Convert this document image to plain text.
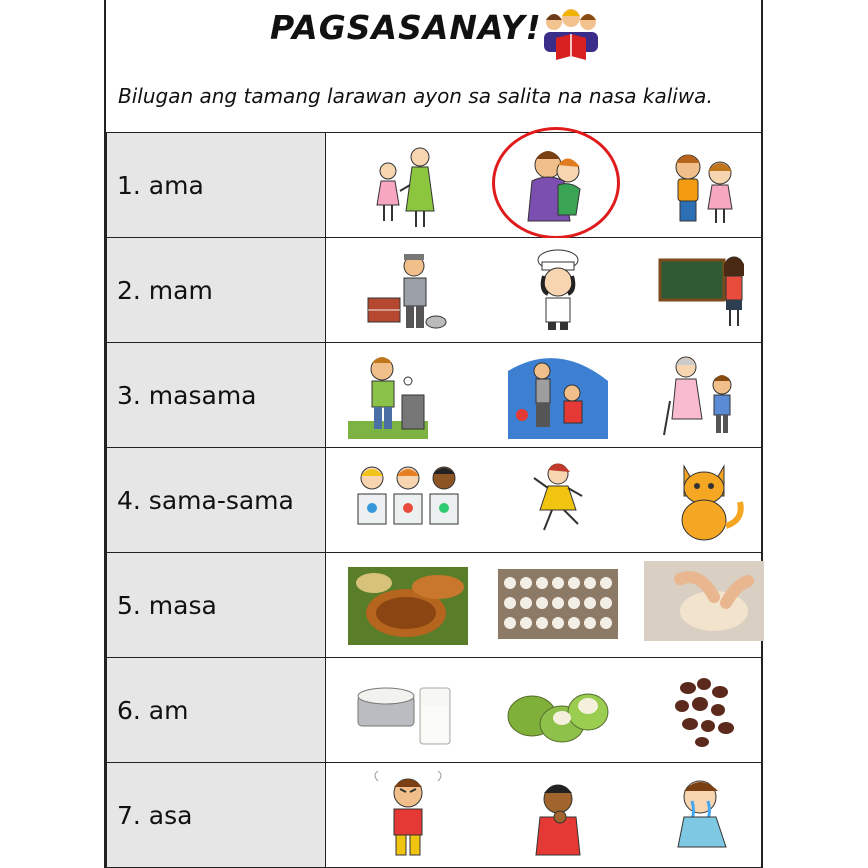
PAGSASANAY!
Bilugan ang tamang larawan ayon sa salita na nasa kaliwa.
1. ama	

2. mam	

3. masama	

4. sama-sama	

5. masa	

6. am	

7. asa	
